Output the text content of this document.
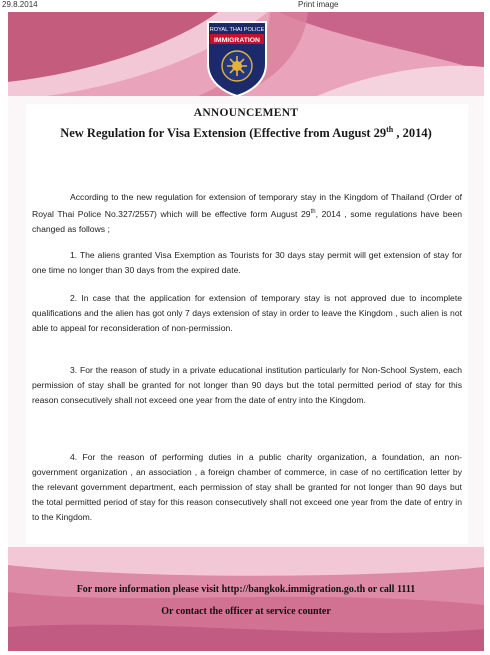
29.8.2014	Print image
ROYAL THAI POLICE
IMMIGRATION
ANNOUNCEMENT
New Regulation for Visa Extension (Effective from August 29th , 2014)

According to the new regulation for extension of temporary stay in the Kingdom of Thailand (Order of Royal Thai Police No.327/2557) which will be effective form August 29th, 2014 , some regulations have been changed as follows ;

1. The aliens granted Visa Exemption as Tourists for 30 days stay permit will get extension of stay for one time no longer than 30 days from the expired date.

2. In case that the application for extension of temporary stay is not approved due to incomplete qualifications and the alien has got only 7 days extension of stay in order to leave the Kingdom , such alien is not able to appeal for reconsideration of non-permission.

3. For the reason of study in a private educational institution particularly for Non-School System, each permission of stay shall be granted for not longer than 90 days but the total permitted period of stay for this reason consecutively shall not exceed one year from the date of entry into the Kingdom.

4. For the reason of performing duties in a public charity organization, a foundation, an non-government organization , an association , a foreign chamber of commerce, in case of no certification letter by the relevant government department, each permission of stay shall be granted for not longer than 90 days but the total permitted period of stay for this reason consecutively shall not exceed one year from the date of entry in to the Kingdom.

For more information please visit http://bangkok.immigration.go.th or call 1111
Or contact the officer at service counter
